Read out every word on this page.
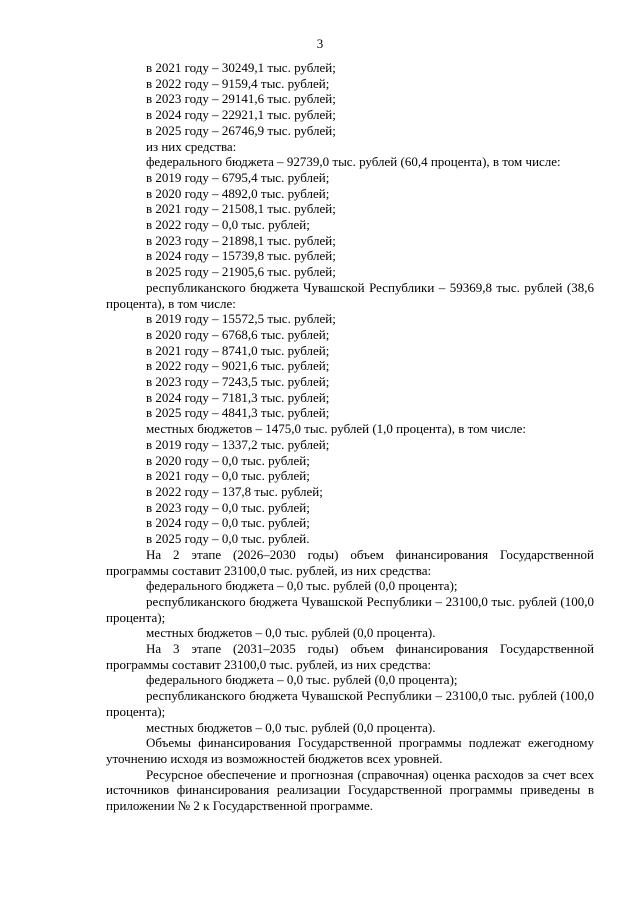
3
в 2021 году – 30249,1 тыс. рублей;
в 2022 году – 9159,4 тыс. рублей;
в 2023 году – 29141,6 тыс. рублей;
в 2024 году – 22921,1 тыс. рублей;
в 2025 году – 26746,9 тыс. рублей;
из них средства:
федерального бюджета – 92739,0 тыс. рублей (60,4 процента), в том числе:
в 2019 году – 6795,4 тыс. рублей;
в 2020 году – 4892,0 тыс. рублей;
в 2021 году – 21508,1 тыс. рублей;
в 2022 году – 0,0 тыс. рублей;
в 2023 году – 21898,1 тыс. рублей;
в 2024 году – 15739,8 тыс. рублей;
в 2025 году – 21905,6 тыс. рублей;
республиканского бюджета Чувашской Республики – 59369,8 тыс. рублей (38,6 процента), в том числе:
в 2019 году – 15572,5 тыс. рублей;
в 2020 году – 6768,6 тыс. рублей;
в 2021 году – 8741,0 тыс. рублей;
в 2022 году – 9021,6 тыс. рублей;
в 2023 году – 7243,5 тыс. рублей;
в 2024 году – 7181,3 тыс. рублей;
в 2025 году – 4841,3 тыс. рублей;
местных бюджетов – 1475,0 тыс. рублей (1,0 процента), в том числе:
в 2019 году – 1337,2 тыс. рублей;
в 2020 году – 0,0 тыс. рублей;
в 2021 году – 0,0 тыс. рублей;
в 2022 году – 137,8 тыс. рублей;
в 2023 году – 0,0 тыс. рублей;
в 2024 году – 0,0 тыс. рублей;
в 2025 году – 0,0 тыс. рублей.
На 2 этапе (2026–2030 годы) объем финансирования Государственной программы составит 23100,0 тыс. рублей, из них средства:
федерального бюджета – 0,0 тыс. рублей (0,0 процента);
республиканского бюджета Чувашской Республики – 23100,0 тыс. рублей (100,0 процента);
местных бюджетов – 0,0 тыс. рублей (0,0 процента).
На 3 этапе (2031–2035 годы) объем финансирования Государственной программы составит 23100,0 тыс. рублей, из них средства:
федерального бюджета – 0,0 тыс. рублей (0,0 процента);
республиканского бюджета Чувашской Республики – 23100,0 тыс. рублей (100,0 процента);
местных бюджетов – 0,0 тыс. рублей (0,0 процента).
Объемы финансирования Государственной программы подлежат ежегодному уточнению исходя из возможностей бюджетов всех уровней.
Ресурсное обеспечение и прогнозная (справочная) оценка расходов за счет всех источников финансирования реализации Государственной программы приведены в приложении № 2 к Государственной программе.
